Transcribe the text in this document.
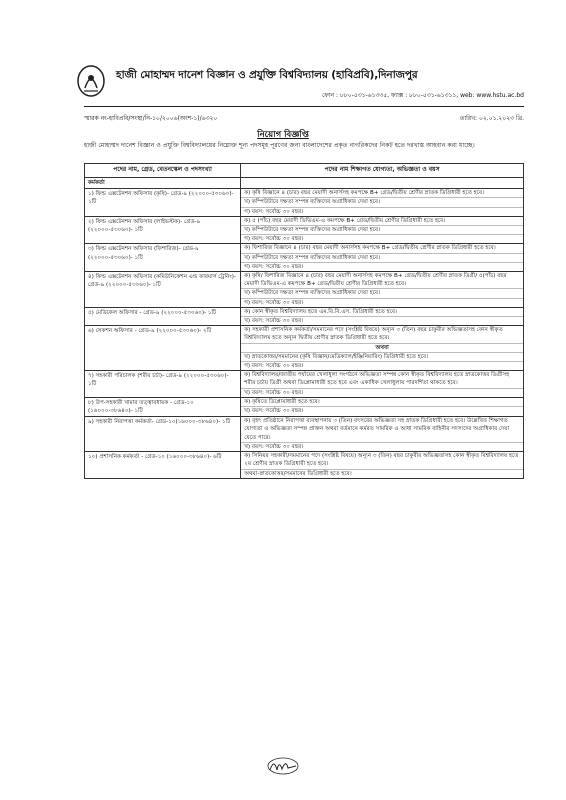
হাজী মোহাম্মদ দানেশ বিজ্ঞান ও প্রযুক্তি বিশ্ববিদ্যালয় (হাবিপ্রবি),দিনাজপুর
ফোন : ৮৮০-৫৩১-৬১৩৩৫, ফ্যাক্স : ৮৮০-৫৩১-৬১৩১১, web: www.hstu.ac.bd
স্মারক নং-হাবিপ্রবি/সংস্থা/নি-১০/২০০৬(অংশ-১)/৬৩২০	তারিখ: ০২.০১.২০২৩ খ্রি.
নিয়োগ বিজ্ঞপ্তি
হাজী মোহাম্মদ দানেশ বিজ্ঞান ও প্রযুক্তি বিশ্ববিদ্যালয়ের নিম্নোক্ত শূন্য পদসমূহ পূরণের জন্য বাংলাদেশের প্রকৃত নাগরিকদের নিকট হতে দরখাস্ত আহবান করা যাচ্ছে।
পদের নাম, গ্রেড, বেতনস্কেল ও পদসংখ্যা	পদের নাম শিক্ষাগত যোগ্যতা, অভিজ্ঞতা ও বয়স
কর্মকর্তা	
১) ফিল্ড এক্সটেনশন অফিসার (কৃষি)- গ্রেড-৯ (২২০০০-৫৩০৬০)- ১টি	ক) কৃষি বিজ্ঞানে ৪ (চার) বছর মেয়াদী অনার্সসহ কমপক্ষে B+ গ্রেড/দ্বিতীয় শ্রেণীর স্নাতক ডিগ্রিধারী হতে হবে।
খ) কম্পিউটারে দক্ষতা সম্পন্ন ব্যক্তিদের অগ্রাধিকার দেয়া হবে।
গ) বয়স: সর্বোচ্চ ৩০ বছর।

২) ফিল্ড এক্সটেনশন অফিসার (লাইভস্টক)- গ্রেড-৯ (২২০০০-৫৩০৬০)- ১টি	ক) ৫ (পাঁচ) বছর মেয়াদী ডিভিএম-এ কমপক্ষে B+ গ্রেড/দ্বিতীয় শ্রেণীর ডিগ্রিধারী হতে হবে।
খ) কম্পিউটারে দক্ষতা সম্পন্ন ব্যক্তিদের অগ্রাধিকার দেয়া হবে।
গ) বয়স: সর্বোচ্চ ৩০ বছর।

৩) ফিল্ড এক্সটেনশন অফিসার (ফিশারিজ)- গ্রেড-৯ (২২০০০-৫৩০৬০)- ১টি	ক) ফিশারিজ বিজ্ঞানে ৪ (চার) বছর মেয়াদী অনার্সসহ কমপক্ষে B+ গ্রেড/দ্বিতীয় শ্রেণীর স্নাতক ডিগ্রিধারী হতে হবে।
খ) কম্পিউটারে দক্ষতা সম্পন্ন ব্যক্তিদের অগ্রাধিকার দেয়া হবে।
গ) বয়স: সর্বোচ্চ ৩০ বছর।

৪) ফিল্ড এক্সটেনশন অফিসার (কমিউনিকেশন এন্ড ফারমার্স ট্রেনিং)- গ্রেড-৯ (২২০০০-৫৩০৬০)- ১টি	ক) কৃষি/ ফিশারিজ বিজ্ঞানে ৪ (চার) বছর মেয়াদী অনার্সসহ কমপক্ষে B+ গ্রেড/দ্বিতীয় শ্রেণীর স্নাতক ডিগ্রী/ ৫(পাঁচ) বছর মেয়াদী ডিভিএম-এ কমপক্ষে B+ গ্রেড/দ্বিতীয় শ্রেণীর ডিগ্রিধারী হতে হবে।
খ) কম্পিউটারে দক্ষতা সম্পন্ন ব্যক্তিদের অগ্রাধিকার দেয়া হবে।
গ) বয়স: সর্বোচ্চ ৩০ বছর।

৫) মেডিকেল অফিসার - গ্রেড-৯ (২২০০০-৫৩০৬০)- ১টি	ক) কোন স্বীকৃত বিশ্ববিদ্যালয় হতে এম.বি.বি.এস. ডিগ্রিধারী হতে হবে।
খ) বয়স: সর্বোচ্চ ৩০ বছর।

৬) সেকশন অফিসার - গ্রেড-৯ (২২০০০-৫৩০৬০)- ২টি	ক) সহকারী প্রশাসনিক কর্মকর্তা/সমমানের পদে (সংশ্লিষ্ট বিষয়ে) অন্যূন ৩ (তিন) বছর চাকুরীর অভিজ্ঞতাসহ কোন স্বীকৃত বিশ্ববিদ্যালয় হতে অন্যূন দ্বিতীয় শ্রেণীর স্নাতক ডিগ্রিধারী হতে হবে।
অথবা
খ) স্নাতকোত্তর/সমমানের (কৃষি বিজ্ঞান/মেডিক্যাল/ইঞ্জিনিয়ারিং) ডিগ্রিধারী হতে হবে।
গ) বয়স: সর্বোচ্চ ৩০ বছর।

৭) সহকারী পরিচালক (শরীর চর্চা)- গ্রেড-৯ (২২০০০-৫৩০৬০)- ১টি	ক) বিশ্ববিদ্যালয়/জাতীয় পর্যায়ের খেলাধুলা সংগঠনে অভিজ্ঞতা সম্পন্ন কোন স্বীকৃত বিশ্ববিদ্যালয় হতে স্নাতকোত্তর ডিগ্রীসহ শরীর চর্চায় ডিগ্রী অথবা ডিপ্লোমাধারী হতে হবে এবং একাধিক খেলাধুলায় পারদর্শিতা থাকতে হবে।
খ) বয়স: সর্বোচ্চ ৩০ বছর।

৮) উপ-সহকারী খামার তত্ত্বাবধায়ক - গ্রেড-১০ (১৬০০০-৩৮৬৪০)- ১টি	ক) কৃষিতে ডিপ্লোমাধারী হতে হবে।
খ) বয়স: সর্বোচ্চ ৩০ বছর।

৯) সহকারী নিরাপত্তা কর্মকর্তা- গ্রেড-১০(১৬০০০-৩৮৬৪০)- ১টি	ক) বৃহৎ প্রতিষ্ঠানে নিরাপত্তা ব্যবস্থাপনায় ৩ (তিন) বৎসরের অভিজ্ঞতা সহ স্নাতক ডিগ্রিধারী হতে হবে। উল্লেখিত শিক্ষাগত যোগ্যতা ও অভিজ্ঞতা সম্পন্ন প্রাক্তন অথবা বর্তমানে কর্মরত সামরিক ও আধা সামরিক বাহিনীর সদস্যদের অগ্রাধিকার দেয়া যেতে পারে।
খ) বয়স: সর্বোচ্চ ৩০ বছর।

১০) প্রশাসনিক কর্মকর্তা - গ্রেড-১০ (১৬০০০-৩৮৬৪০)- ৬টি	ক) সিনিয়র সহকারী/সমমানের পদে (সংশ্লিষ্ট বিষয়ে) অন্যূন ৩ (তিন) বছর চাকুরীর অভিজ্ঞতাসহ কোন স্বীকৃত বিশ্ববিদ্যালয় হতে ২য় শ্রেণীর স্নাতক ডিগ্রিধারী হতে হবে।
অথবা-স্নাতকোত্তর/সমমানের ডিগ্রিধারী হতে হবে।
